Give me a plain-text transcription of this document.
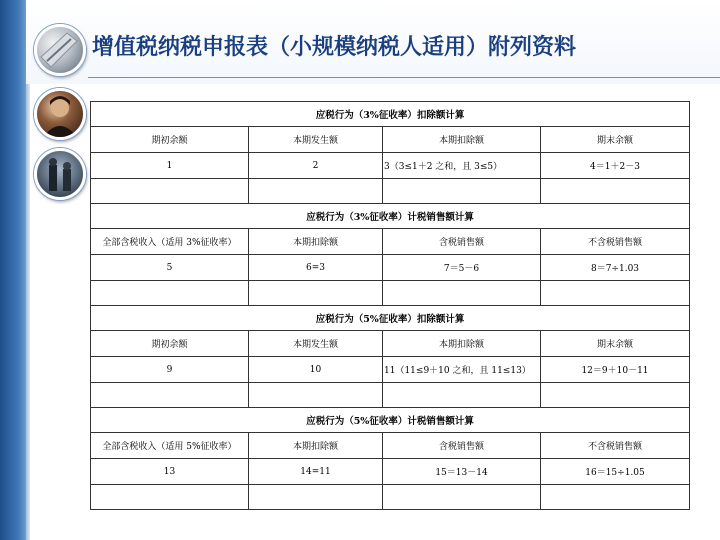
增值税纳税申报表（小规模纳税人适用）附列资料
应税行为（3%征收率）扣除额计算			
期初余额	本期发生额	本期扣除额	期末余额
1	2	3（3≤1＋2 之和，且 3≤5）	4＝1＋2－3

应税行为（3%征收率）计税销售额计算			
全部含税收入（适用 3%征收率）	本期扣除额	含税销售额	不含税销售额
5	6=3	7＝5－6	8＝7÷1.03

应税行为（5%征收率）扣除额计算			
期初余额	本期发生额	本期扣除额	期末余额
9	10	11（11≤9＋10 之和，且 11≤13）	12＝9＋10－11

应税行为（5%征收率）计税销售额计算			
全部含税收入（适用 5%征收率）	本期扣除额	含税销售额	不含税销售额
13	14=11	15＝13－14	16＝15÷1.05
